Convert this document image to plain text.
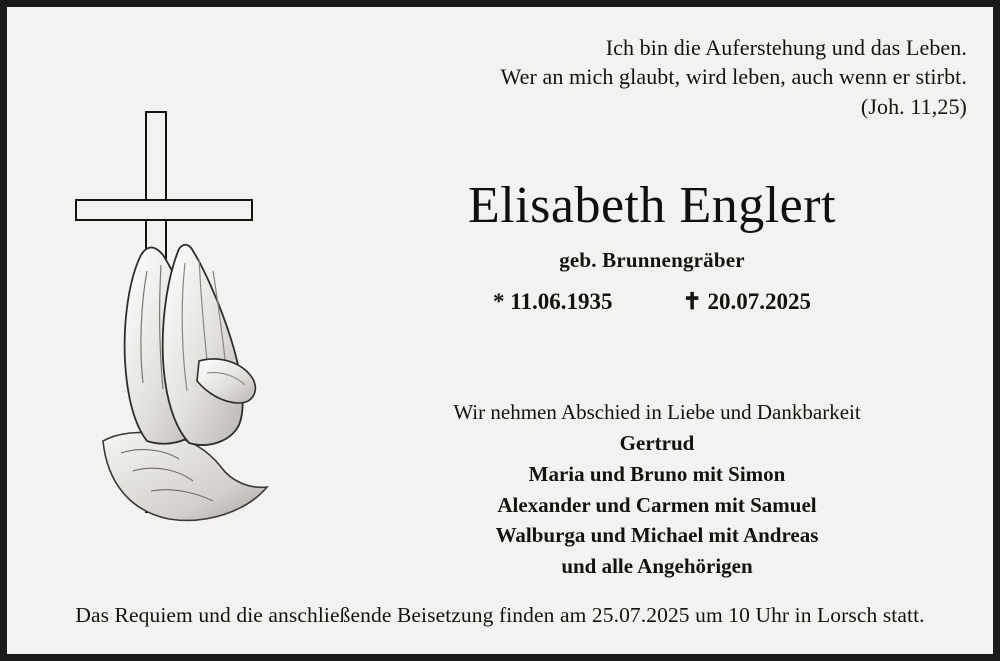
Ich bin die Auferstehung und das Leben.
Wer an mich glaubt, wird leben, auch wenn er stirbt.
(Joh. 11,25)
Elisabeth Englert
geb. Brunnengräber
* 11.06.1935	✝ 20.07.2025
Wir nehmen Abschied in Liebe und Dankbarkeit
Gertrud
Maria und Bruno mit Simon
Alexander und Carmen mit Samuel
Walburga und Michael mit Andreas
und alle Angehörigen
Das Requiem und die anschließende Beisetzung finden am 25.07.2025 um 10 Uhr in Lorsch statt.
